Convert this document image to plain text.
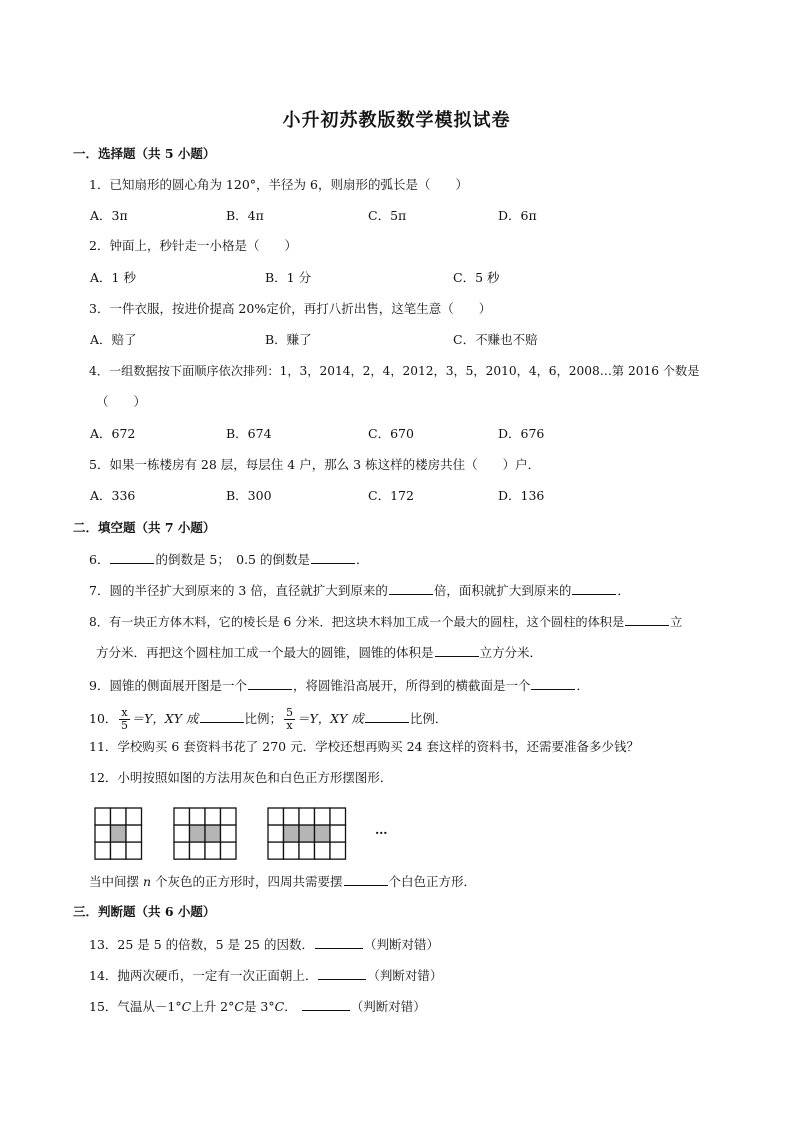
小升初苏教版数学模拟试卷
一．选择题（共 5 小题）
1．已知扇形的圆心角为 120°，半径为 6，则扇形的弧长是（　　）
A．3π	B．4π	C．5π	D．6π
2．钟面上，秒针走一小格是（　　）
A．1 秒	B．1 分	C．5 秒
3．一件衣服，按进价提高 20%定价，再打八折出售，这笔生意（　　）
A．赔了	B．赚了	C．不赚也不赔
4．一组数据按下面顺序依次排列：1，3，2014，2，4，2012，3，5，2010，4，6，2008…第 2016 个数是
（　　）
A．672	B．674	C．670	D．676
5．如果一栋楼房有 28 层，每层住 4 户，那么 3 栋这样的楼房共住（　　）户．
A．336	B．300	C．172	D．136
二．填空题（共 7 小题）
6．	的倒数是 5；　0.5 的倒数是	．
7．圆的半径扩大到原来的 3 倍，直径就扩大到原来的	倍，面积就扩大到原来的	．
8．有一块正方体木料，它的棱长是 6 分米．把这块木料加工成一个最大的圆柱，这个圆柱的体积是	立
方分米．再把这个圆柱加工成一个最大的圆锥，圆锥的体积是	立方分米．
9．圆锥的侧面展开图是一个	，将圆锥沿高展开，所得到的横截面是一个	．
10． $\frac{x}{5} =Y$，XY 成	比例； $\frac{5}{x} =Y$，XY 成	比例．
11．学校购买 6 套资料书花了 270 元．学校还想再购买 24 套这样的资料书，还需要准备多少钱？
12．小明按照如图的方法用灰色和白色正方形摆图形．
…
当中间摆 n 个灰色的正方形时，四周共需要摆	个白色正方形．
三．判断题（共 6 小题）
13．25 是 5 的倍数，5 是 25 的因数．	（判断对错）
14．抛两次硬币，一定有一次正面朝上．	（判断对错）
15．气温从－1°C上升 2°C是 3°C．	（判断对错）
